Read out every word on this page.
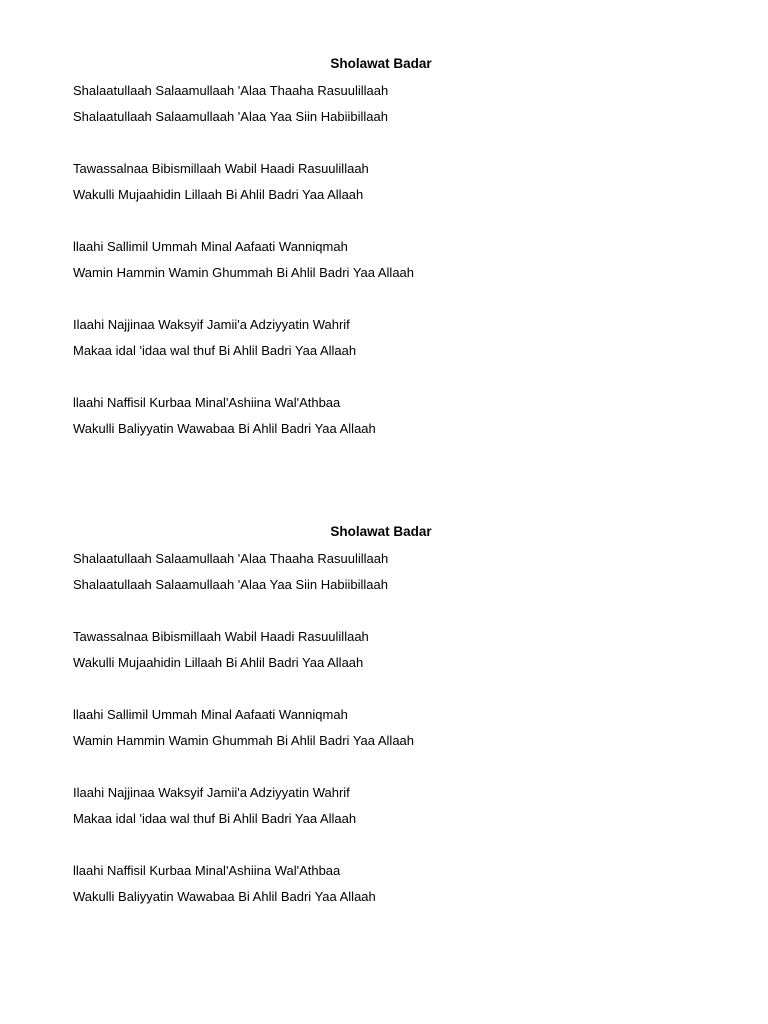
Sholawat Badar
Shalaatullaah Salaamullaah 'Alaa Thaaha Rasuulillaah
Shalaatullaah Salaamullaah 'Alaa Yaa Siin Habiibillaah
Tawassalnaa Bibismillaah Wabil Haadi Rasuulillaah
Wakulli Mujaahidin Lillaah Bi Ahlil Badri Yaa Allaah
llaahi Sallimil Ummah Minal Aafaati Wanniqmah
Wamin Hammin Wamin Ghummah Bi Ahlil Badri Yaa Allaah
Ilaahi Najjinaa Waksyif Jamii'a Adziyyatin Wahrif
Makaa idal 'idaa wal thuf Bi Ahlil Badri Yaa Allaah
llaahi Naffisil Kurbaa Minal'Ashiina Wal'Athbaa
Wakulli Baliyyatin Wawabaa Bi Ahlil Badri Yaa Allaah
Sholawat Badar
Shalaatullaah Salaamullaah 'Alaa Thaaha Rasuulillaah
Shalaatullaah Salaamullaah 'Alaa Yaa Siin Habiibillaah
Tawassalnaa Bibismillaah Wabil Haadi Rasuulillaah
Wakulli Mujaahidin Lillaah Bi Ahlil Badri Yaa Allaah
llaahi Sallimil Ummah Minal Aafaati Wanniqmah
Wamin Hammin Wamin Ghummah Bi Ahlil Badri Yaa Allaah
Ilaahi Najjinaa Waksyif Jamii'a Adziyyatin Wahrif
Makaa idal 'idaa wal thuf Bi Ahlil Badri Yaa Allaah
llaahi Naffisil Kurbaa Minal'Ashiina Wal'Athbaa
Wakulli Baliyyatin Wawabaa Bi Ahlil Badri Yaa Allaah
